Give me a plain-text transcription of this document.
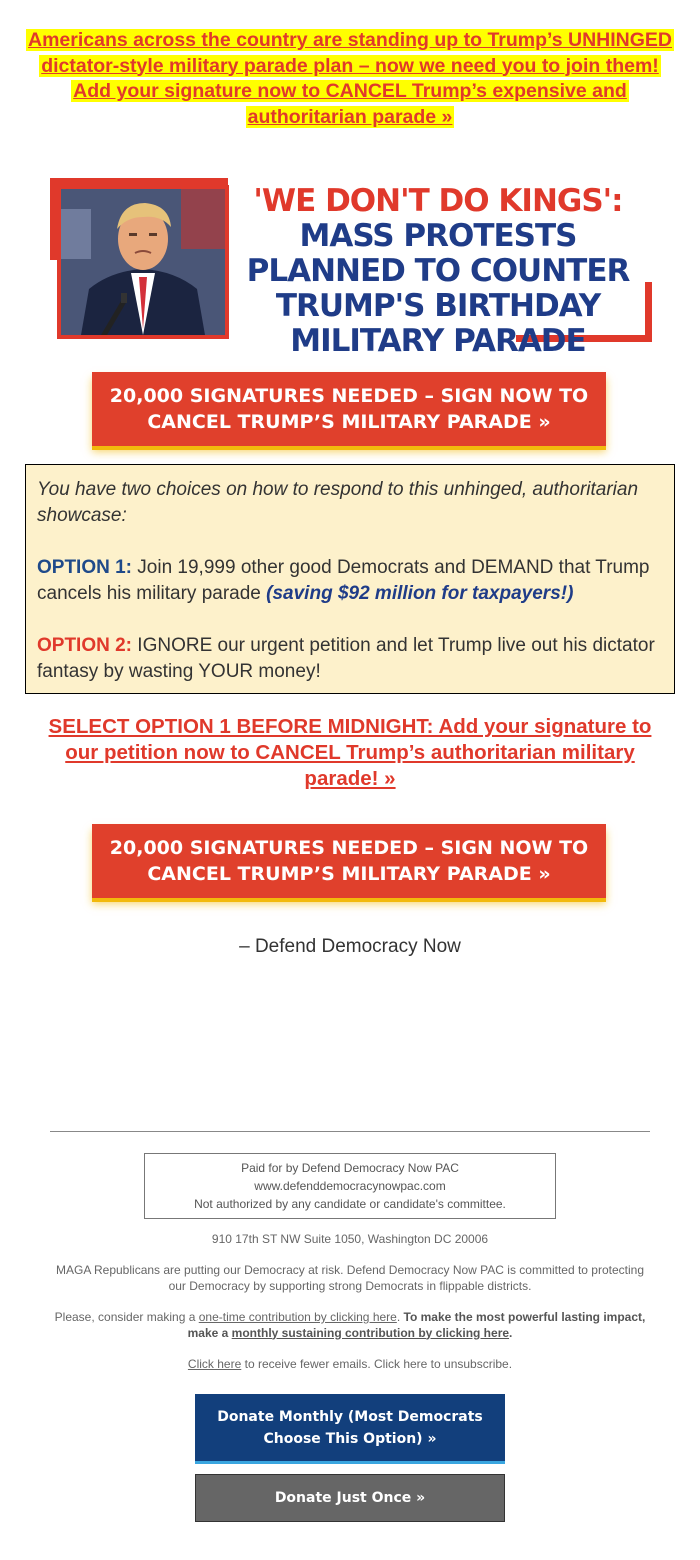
Americans across the country are standing up to Trump’s UNHINGED dictator-style military parade plan – now we need you to join them! Add your signature now to CANCEL Trump’s expensive and authoritarian parade »
'WE DON'T DO KINGS': MASS PROTESTS PLANNED TO COUNTER TRUMP'S BIRTHDAY MILITARY PARADE
20,000 SIGNATURES NEEDED – SIGN NOW TO CANCEL TRUMP’S MILITARY PARADE »

You have two choices on how to respond to this unhinged, authoritarian showcase:

OPTION 1: Join 19,999 other good Democrats and DEMAND that Trump cancels his military parade (saving $92 million for taxpayers!)

OPTION 2: IGNORE our urgent petition and let Trump live out his dictator fantasy by wasting YOUR money!

SELECT OPTION 1 BEFORE MIDNIGHT: Add your signature to our petition now to CANCEL Trump’s authoritarian military parade! »
20,000 SIGNATURES NEEDED – SIGN NOW TO CANCEL TRUMP’S MILITARY PARADE »
– Defend Democracy Now
Paid for by Defend Democracy Now PAC
www.defenddemocracynowpac.com
Not authorized by any candidate or candidate's committee.
910 17th ST NW Suite 1050, Washington DC 20006
MAGA Republicans are putting our Democracy at risk. Defend Democracy Now PAC is committed to protecting our Democracy by supporting strong Democrats in flippable districts.
Please, consider making a one-time contribution by clicking here. To make the most powerful lasting impact, make a monthly sustaining contribution by clicking here.
Click here to receive fewer emails. Click here to unsubscribe.
Donate Monthly (Most Democrats Choose This Option) »
Donate Just Once »
